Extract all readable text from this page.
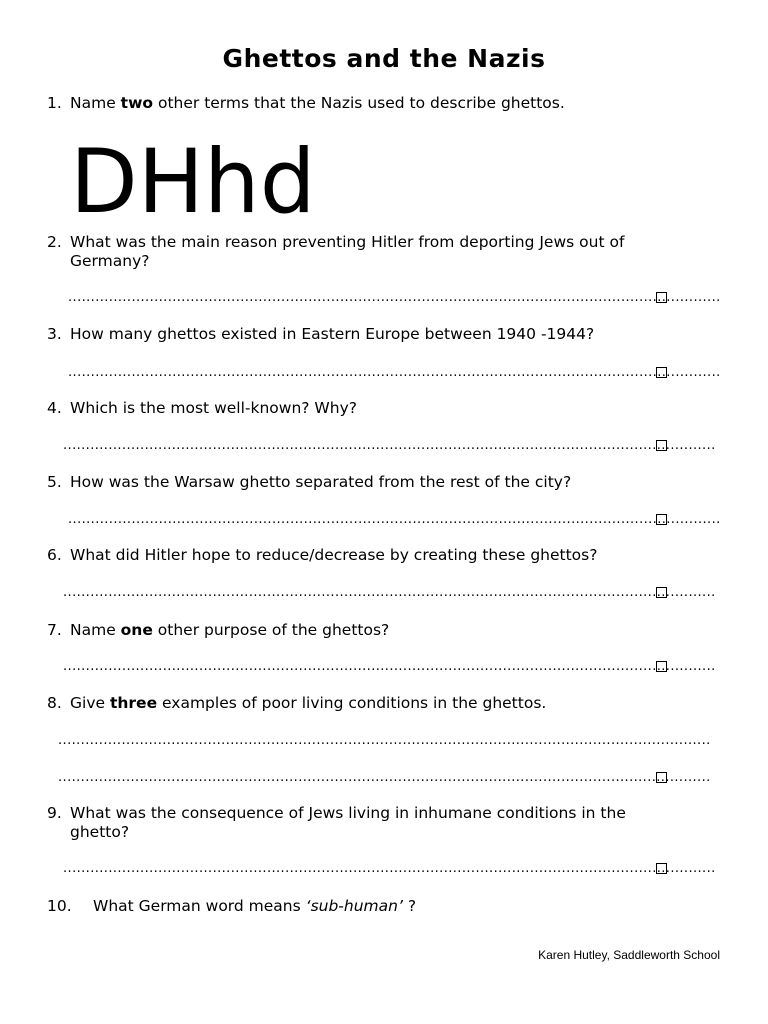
Ghettos and the Nazis
1. Name two other terms that the Nazis used to describe ghettos.
DHhd
2. What was the main reason preventing Hitler from deporting Jews out of Germany?
................................................................................................................................................
3. How many ghettos existed in Eastern Europe between 1940 -1944?
................................................................................................................................................
4. Which is the most well-known? Why?
................................................................................................................................................
5. How was the Warsaw ghetto separated from the rest of the city?
................................................................................................................................................
6. What did Hitler hope to reduce/decrease by creating these ghettos?
................................................................................................................................................
7. Name one other purpose of the ghettos?
................................................................................................................................................
8. Give three examples of poor living conditions in the ghettos.
................................................................................................................................................
................................................................................................................................................
9. What was the consequence of Jews living in inhumane conditions in the ghetto?
................................................................................................................................................
10. What German word means ‘sub-human’ ?
Karen Hutley, Saddleworth School
